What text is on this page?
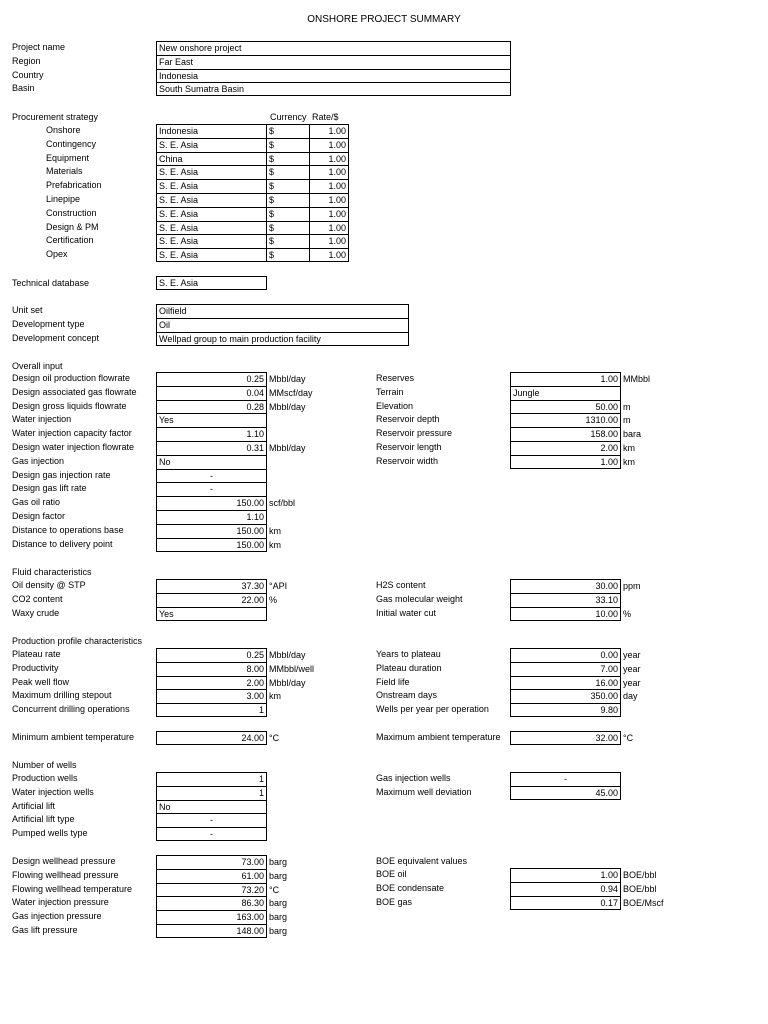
ONSHORE PROJECT SUMMARY
Project name	New onshore project
Region	Far East
Country	Indonesia
Basin	South Sumatra Basin
Procurement strategy	Currency Rate/$
Onshore	Indonesia	$	1.00
Contingency	S. E. Asia	$	1.00
Equipment	China	$	1.00
Materials	S. E. Asia	$	1.00
Prefabrication	S. E. Asia	$	1.00
Linepipe	S. E. Asia	$	1.00
Construction	S. E. Asia	$	1.00
Design & PM	S. E. Asia	$	1.00
Certification	S. E. Asia	$	1.00
Opex	S. E. Asia	$	1.00
Technical database	S. E. Asia
Unit set	Oilfield
Development type	Oil
Development concept	Wellpad group to main production facility
Overall input
Design oil production flowrate	0.25 Mbbl/day
Design associated gas flowrate	0.04 MMscf/day
Design gross liquids flowrate	0.28 Mbbl/day
Water injection	Yes
Water injection capacity factor	1.10
Design water injection flowrate	0.31 Mbbl/day
Gas injection	No
Design gas injection rate	-
Design gas lift rate	-
Gas oil ratio	150.00 scf/bbl
Design factor	1.10
Distance to operations base	150.00 km
Distance to delivery point	150.00 km
Reserves	1.00 MMbbl
Terrain	Jungle
Elevation	50.00 m
Reservoir depth	1310.00 m
Reservoir pressure	158.00 bara
Reservoir length	2.00 km
Reservoir width	1.00 km
Fluid characteristics
Oil density @ STP	37.30 °API
CO2 content	22.00 %
Waxy crude	Yes
H2S content	30.00 ppm
Gas molecular weight	33.10
Initial water cut	10.00 %
Production profile characteristics
Plateau rate	0.25 Mbbl/day
Productivity	8.00 MMbbl/well
Peak well flow	2.00 Mbbl/day
Maximum drilling stepout	3.00 km
Concurrent drilling operations	1
Years to plateau	0.00 year
Plateau duration	7.00 year
Field life	16.00 year
Onstream days	350.00 day
Wells per year per operation	9.80
Minimum ambient temperature	24.00 °C	Maximum ambient temperature	32.00 °C
Number of wells
Production wells	1
Water injection wells	1
Artificial lift	No
Artificial lift type	-
Pumped wells type	-
Gas injection wells	-
Maximum well deviation	45.00
Design wellhead pressure	73.00 barg
Flowing wellhead pressure	61.00 barg
Flowing wellhead temperature	73.20 °C
Water injection pressure	86.30 barg
Gas injection pressure	163.00 barg
Gas lift pressure	148.00 barg
BOE equivalent values
BOE oil	1.00 BOE/bbl
BOE condensate	0.94 BOE/bbl
BOE gas	0.17 BOE/Mscf
